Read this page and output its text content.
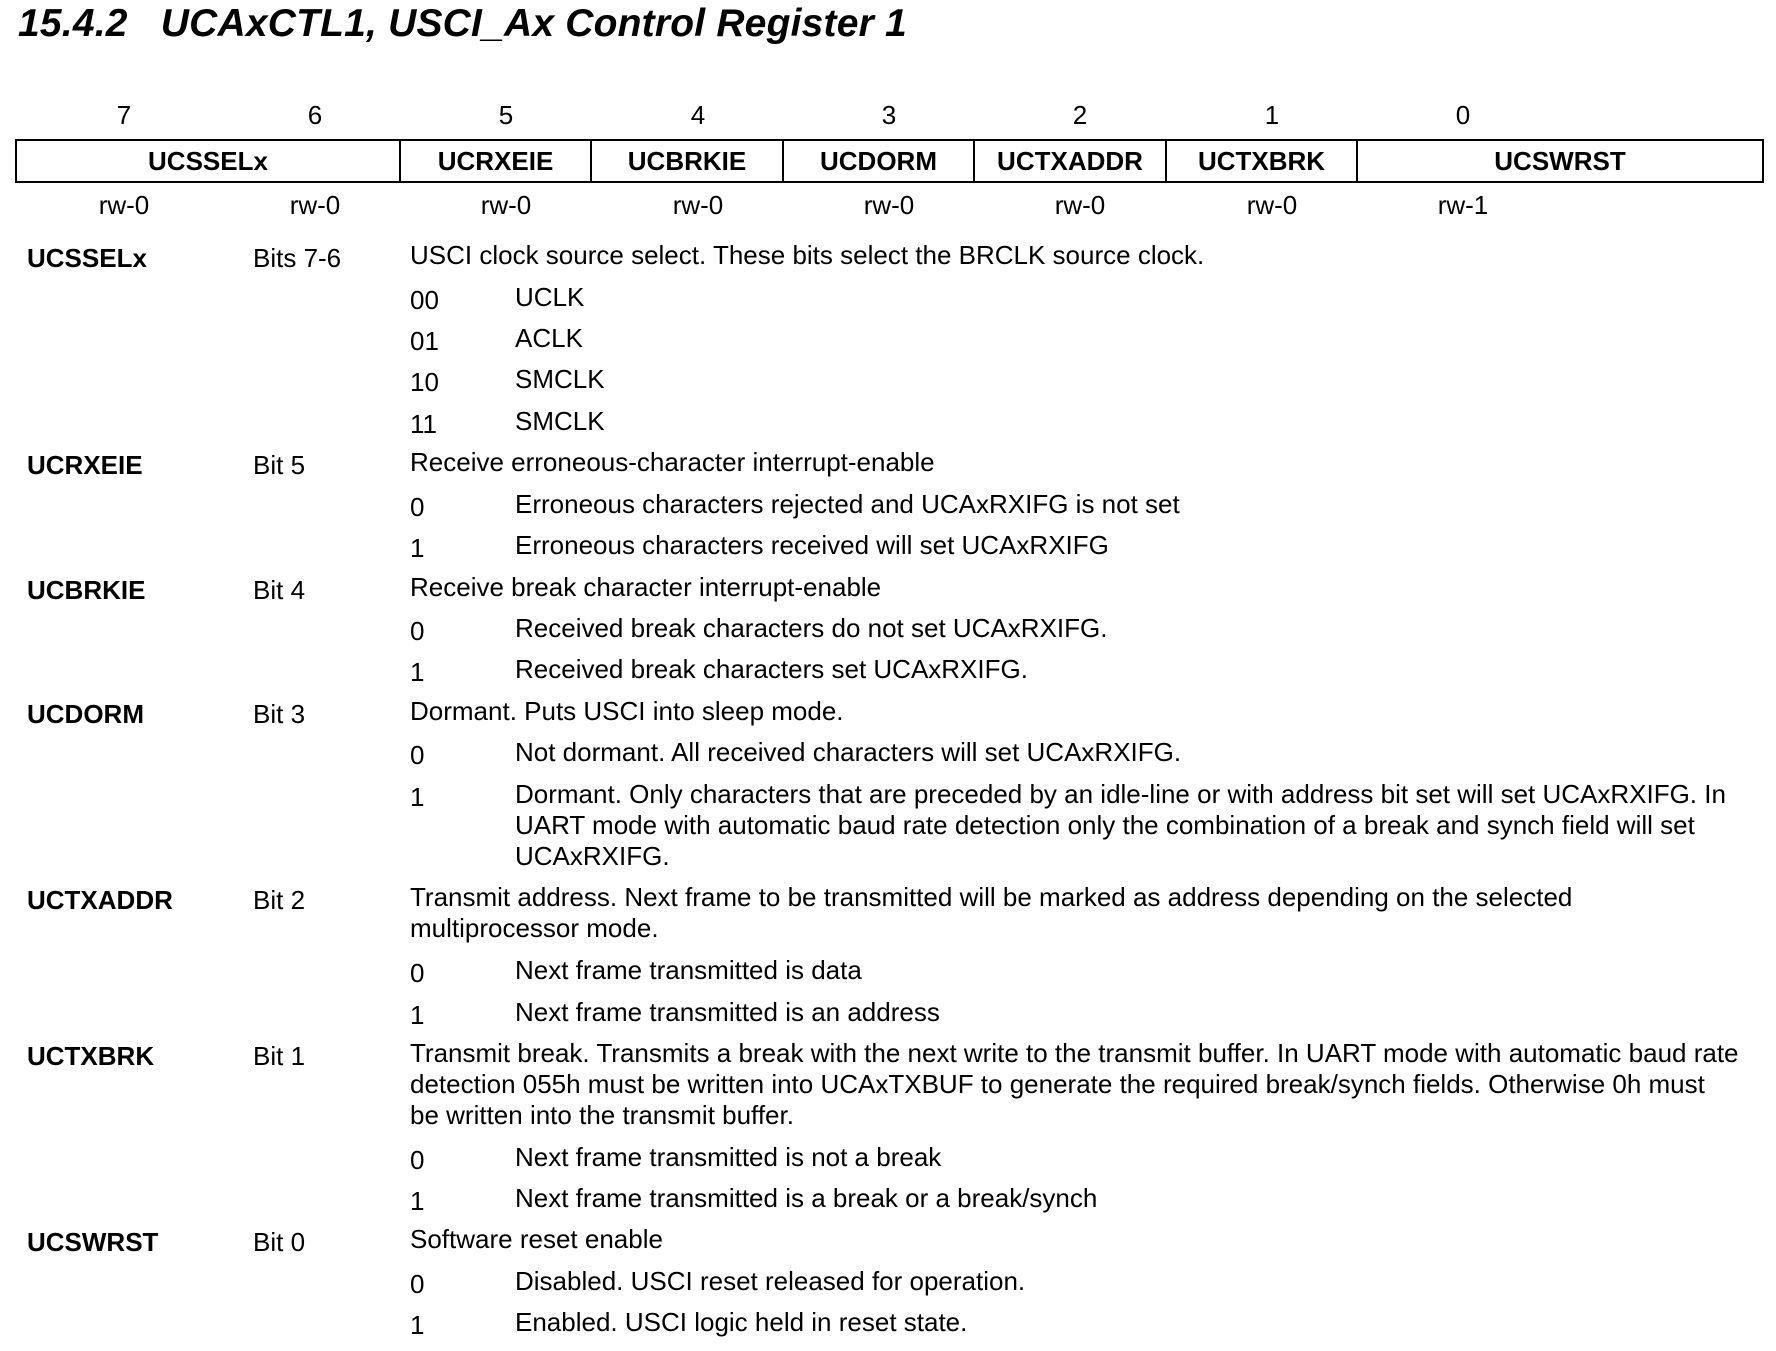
15.4.2   UCAxCTL1, USCI_Ax Control Register 1
7	6	5	4	3	2	1	0
UCSSELx	UCRXEIE	UCBRKIE	UCDORM	UCTXADDR	UCTXBRK	UCSWRST
rw-0	rw-0	rw-0	rw-0	rw-0	rw-0	rw-0	rw-1
UCSSELx	Bits 7-6	USCI clock source select. These bits select the BRCLK source clock.
00	UCLK
01	ACLK
10	SMCLK
11	SMCLK
UCRXEIE	Bit 5	Receive erroneous-character interrupt-enable
0	Erroneous characters rejected and UCAxRXIFG is not set
1	Erroneous characters received will set UCAxRXIFG
UCBRKIE	Bit 4	Receive break character interrupt-enable
0	Received break characters do not set UCAxRXIFG.
1	Received break characters set UCAxRXIFG.
UCDORM	Bit 3	Dormant. Puts USCI into sleep mode.
0	Not dormant. All received characters will set UCAxRXIFG.
1	Dormant. Only characters that are preceded by an idle-line or with address bit set will set UCAxRXIFG. In UART mode with automatic baud rate detection only the combination of a break and synch field will set UCAxRXIFG.
UCTXADDR	Bit 2	Transmit address. Next frame to be transmitted will be marked as address depending on the selected multiprocessor mode.
0	Next frame transmitted is data
1	Next frame transmitted is an address
UCTXBRK	Bit 1	Transmit break. Transmits a break with the next write to the transmit buffer. In UART mode with automatic baud rate detection 055h must be written into UCAxTXBUF to generate the required break/synch fields. Otherwise 0h must be written into the transmit buffer.
0	Next frame transmitted is not a break
1	Next frame transmitted is a break or a break/synch
UCSWRST	Bit 0	Software reset enable
0	Disabled. USCI reset released for operation.
1	Enabled. USCI logic held in reset state.
